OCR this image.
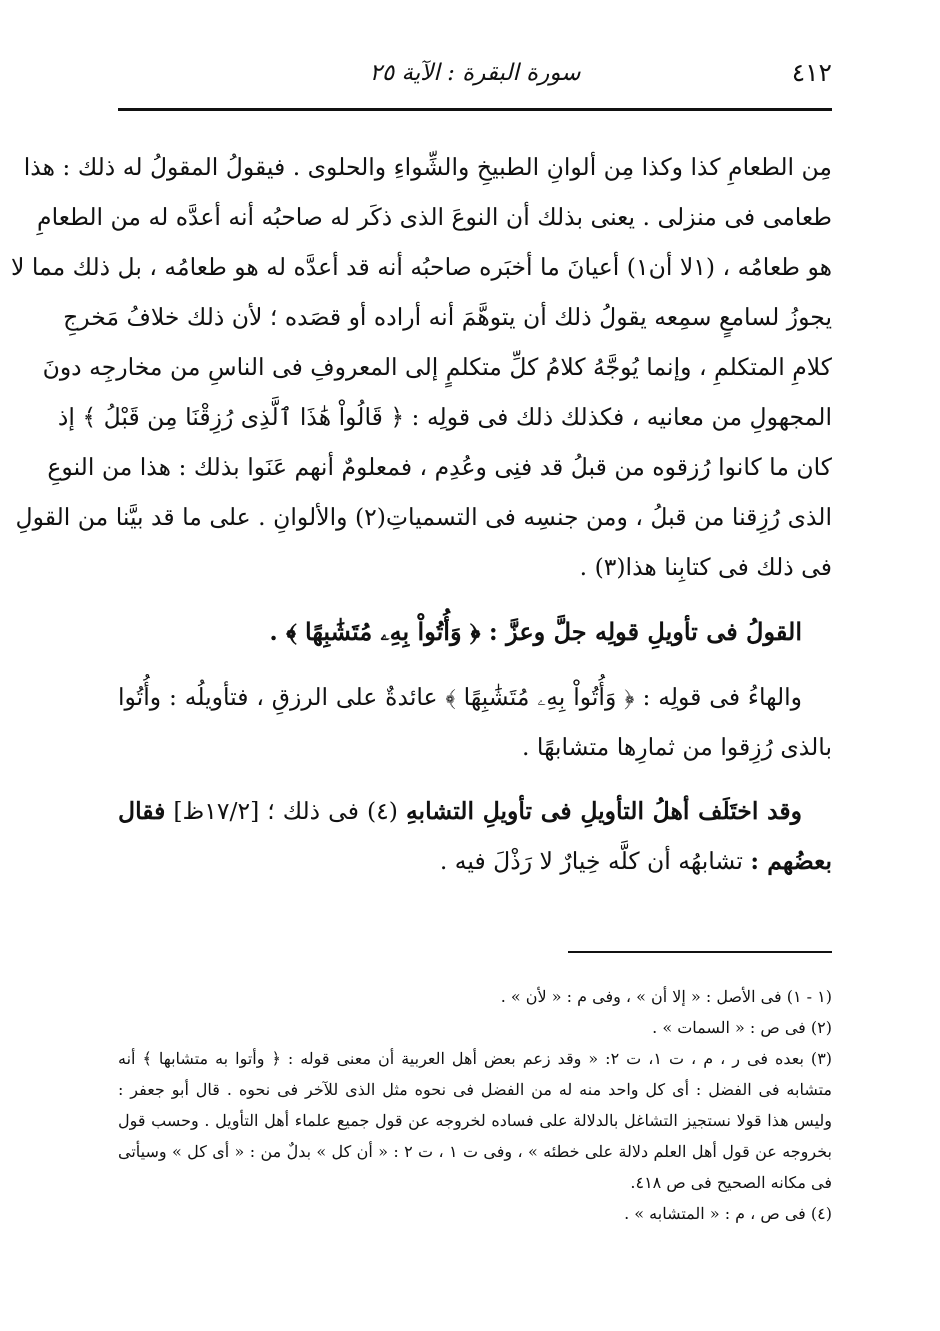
٤١٢
سورة البقرة : الآية ٢٥
مِن الطعامِ كذا وكذا مِن ألوانِ الطبيخِ والشِّواءِ والحلوى . فيقولُ المقولُ له ذلك : هذا
طعامى فى منزلى . يعنى بذلك أن النوعَ الذى ذكَر له صاحبُه أنه أعدَّه له من الطعامِ
هو طعامُه ، (١لا أن١) أعيانَ ما أخبَره صاحبُه أنه قد أعدَّه له هو طعامُه ، بل ذلك مما لا
يجوزُ لسامعٍ سمِعه يقولُ ذلك أن يتوهَّمَ أنه أراده أو قصَده ؛ لأن ذلك خلافُ مَخرجِ
كلامِ المتكلمِ ، وإنما يُوجَّهُ كلامُ كلِّ متكلمٍ إلى المعروفِ فى الناسِ من مخارجِه دونَ
المجهولِ من معانيه ، فكذلك ذلك فى قولِه : ﴿ قَالُواْ هَٰذَا ٱلَّذِى رُزِقْنَا مِن قَبْلُ ﴾ إذ
كان ما كانوا رُزقوه من قبلُ قد فنِى وعُدِم ، فمعلومٌ أنهم عَنَوا بذلك : هذا من النوعِ
الذى رُزِقنا من قبلُ ، ومن جنسِه فى التسمياتِ(٢) والألوانِ . على ما قد بيَّنا من القولِ
فى ذلك فى كتابِنا هذا(٣) .
القولُ فى تأويلِ قولِه جلَّ وعزَّ : ﴿ وَأُتُواْ بِهِۦ مُتَشَٰبِهًا ﴾ .
والهاءُ فى قولِه : ﴿ وَأُتُواْ بِهِۦ مُتَشَٰبِهًا ﴾ عائدةٌ على الرزقِ ، فتأويلُه : وأُتُوا
بالذى رُزِقوا من ثمارِها متشابهًا .
وقد اختَلَف أهلُ التأويلِ فى تأويلِ التشابهِ (٤) فى ذلك ؛ [١٧/٢ظ] فقال
بعضُهم : تشابهُه أن كلَّه خِيارٌ لا رَذْلَ فيه .
(١ - ١) فى الأصل : « إلا أن » ، وفى م : « لأن » .
(٢) فى ص : « السمات » .
(٣) بعده فى ر ، م ، ت ١، ت ٢: « وقد زعم بعض أهل العربية أن معنى قوله : ﴿ وأتوا به متشابها ﴾ أنه
متشابه فى الفضل : أى كل واحد منه له من الفضل فى نحوه مثل الذى للآخر فى نحوه . قال أبو جعفر :
وليس هذا قولا نستجيز التشاغل بالدلالة على فساده لخروجه عن قول جميع علماء أهل التأويل . وحسب قول
بخروجه عن قول أهل العلم دلالة على خطئه » ، وفى ت ١ ، ت ٢ : « أن كل » بدلٌ من : « أى كل » وسيأتى
فى مكانه الصحيح فى ص ٤١٨.
(٤) فى ص ، م : « المتشابه » .
